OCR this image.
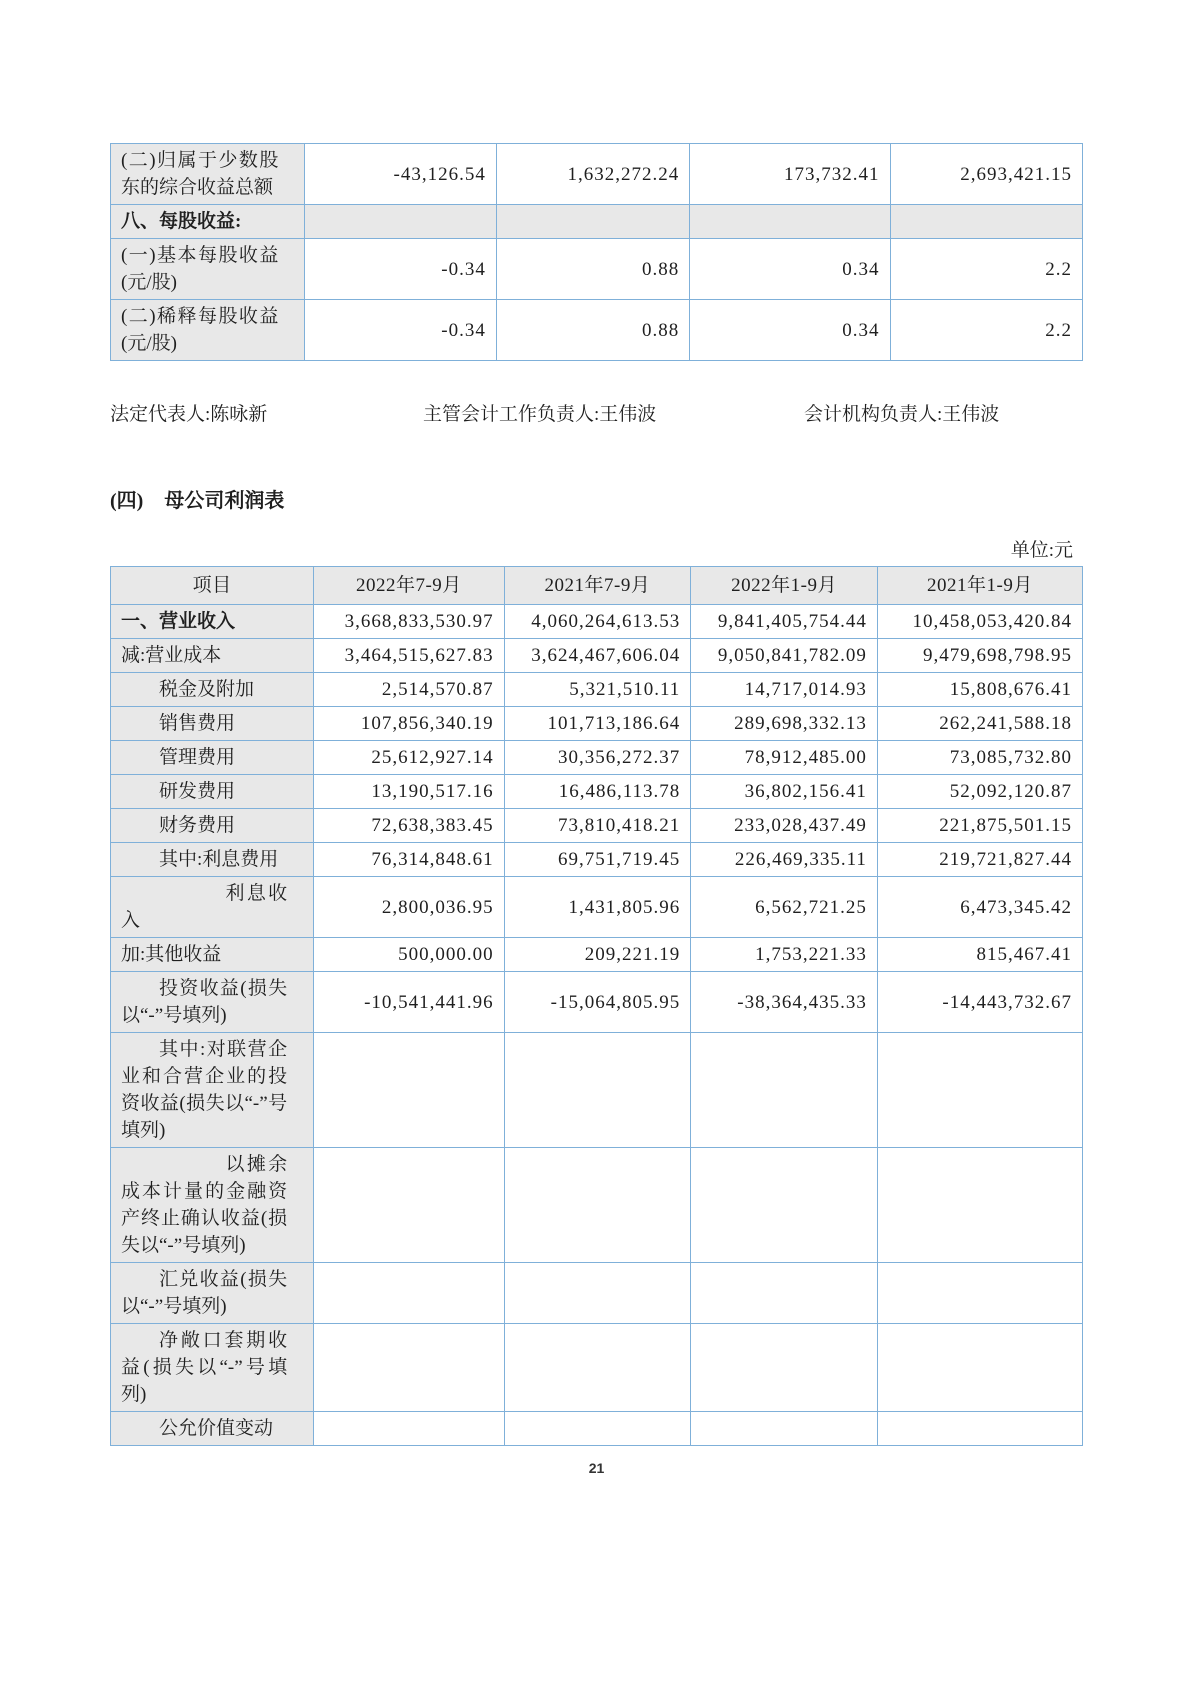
(二)归属于少数股东的综合收益总额	-43,126.54	1,632,272.24	173,732.41	2,693,421.15
八、每股收益:				
(一)基本每股收益(元/股)	-0.34	0.88	0.34	2.2
(二)稀释每股收益(元/股)	-0.34	0.88	0.34	2.2
法定代表人:陈咏新	主管会计工作负责人:王伟波	会计机构负责人:王伟波
(四) 母公司利润表
单位:元
项目	2022年7-9月	2021年7-9月	2022年1-9月	2021年1-9月
一、营业收入	3,668,833,530.97	4,060,264,613.53	9,841,405,754.44	10,458,053,420.84
减:营业成本	3,464,515,627.83	3,624,467,606.04	9,050,841,782.09	9,479,698,798.95
税金及附加	2,514,570.87	5,321,510.11	14,717,014.93	15,808,676.41
销售费用	107,856,340.19	101,713,186.64	289,698,332.13	262,241,588.18
管理费用	25,612,927.14	30,356,272.37	78,912,485.00	73,085,732.80
研发费用	13,190,517.16	16,486,113.78	36,802,156.41	52,092,120.87
财务费用	72,638,383.45	73,810,418.21	233,028,437.49	221,875,501.15
其中:利息费用	76,314,848.61	69,751,719.45	226,469,335.11	219,721,827.44
利息收入	2,800,036.95	1,431,805.96	6,562,721.25	6,473,345.42
加:其他收益	500,000.00	209,221.19	1,753,221.33	815,467.41
投资收益(损失以“-”号填列)	-10,541,441.96	-15,064,805.95	-38,364,435.33	-14,443,732.67
其中:对联营企业和合营企业的投资收益(损失以“-”号填列)				
以摊余成本计量的金融资产终止确认收益(损失以“-”号填列)				
汇兑收益(损失以“-”号填列)				
净敞口套期收益(损失以“-”号填列)				
公允价值变动				
21
